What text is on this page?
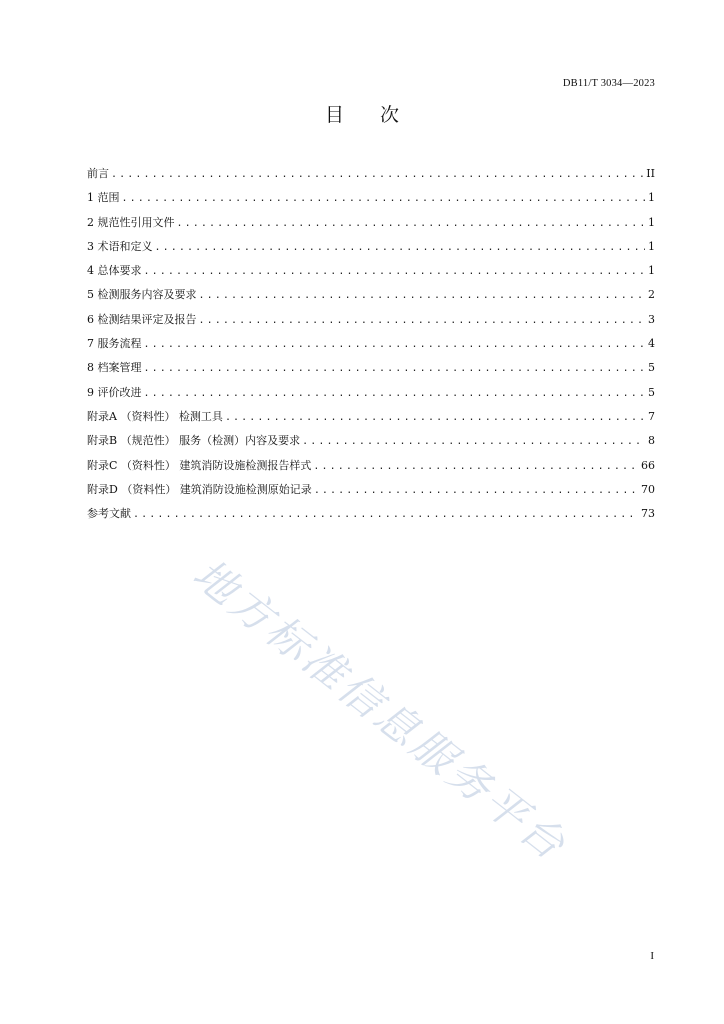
DB11/T 3034—2023
目 次
前言 .....	II
1 范围 .....	1
2 规范性引用文件 .....	1
3 术语和定义 .....	1
4 总体要求 .....	1
5 检测服务内容及要求 .....	2
6 检测结果评定及报告 .....	3
7 服务流程 .....	4
8 档案管理 .....	5
9 评价改进 .....	5
附录A （资料性） 检测工具 .....	7
附录B （规范性） 服务（检测）内容及要求 .....	8
附录C （资料性） 建筑消防设施检测报告样式 .....	66
附录D （资料性） 建筑消防设施检测原始记录 .....	70
参考文献 .....	73
地方标准信息服务平台
I
